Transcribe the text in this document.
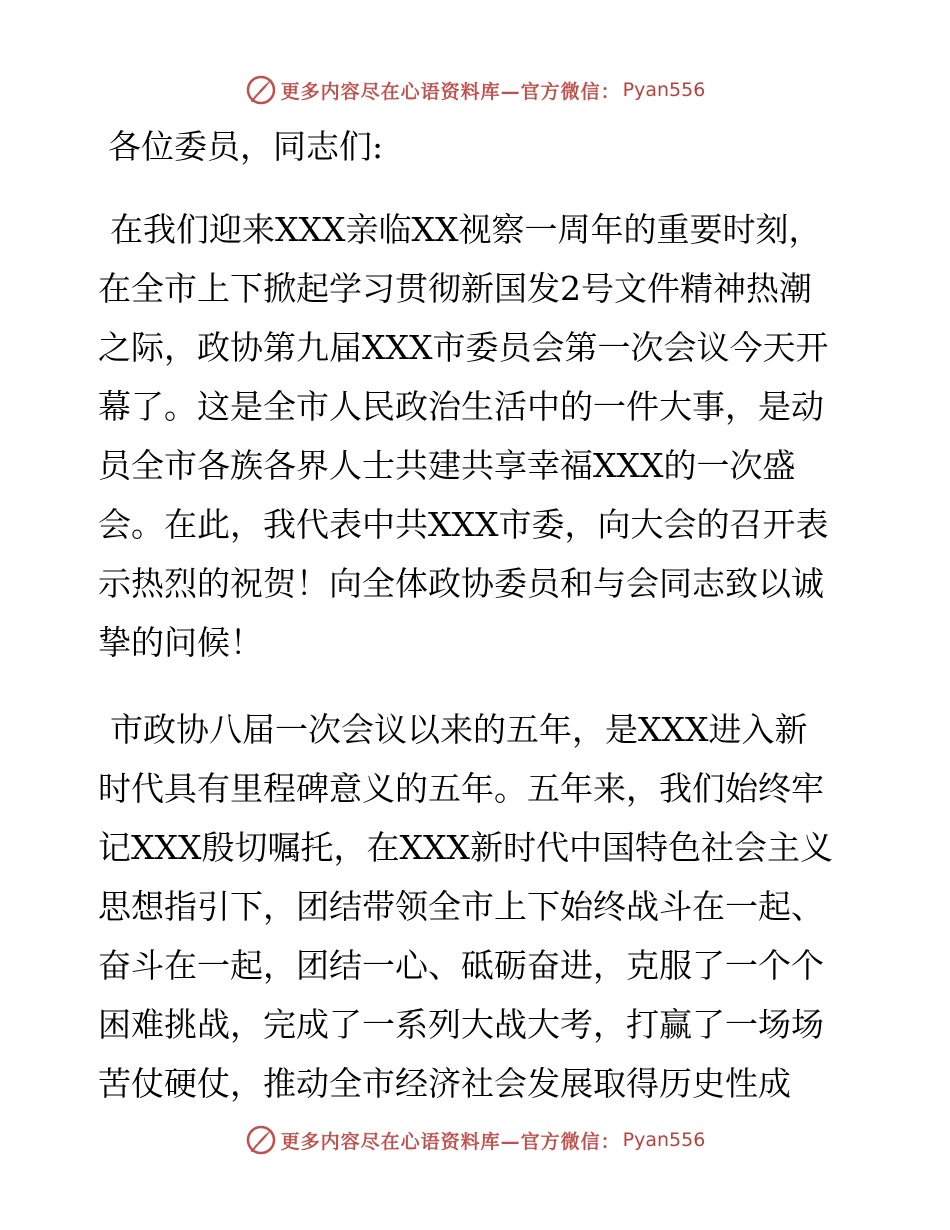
更多内容尽在心语资料库—官方微信： Pyan556
各位委员，同志们:
在我们迎来XXX亲临XX视察一周年的重要时刻，
在全市上下掀起学习贯彻新国发2号文件精神热潮
之际，政协第九届XXX市委员会第一次会议今天开
幕了。这是全市人民政治生活中的一件大事，是动
员全市各族各界人士共建共享幸福XXX的一次盛
会。在此，我代表中共XXX市委，向大会的召开表
示热烈的祝贺！向全体政协委员和与会同志致以诚
挚的问候！
市政协八届一次会议以来的五年，是XXX进入新
时代具有里程碑意义的五年。五年来，我们始终牢
记XXX殷切嘱托，在XXX新时代中国特色社会主义
思想指引下，团结带领全市上下始终战斗在一起、
奋斗在一起，团结一心、砥砺奋进，克服了一个个
困难挑战，完成了一系列大战大考，打赢了一场场
苦仗硬仗，推动全市经济社会发展取得历史性成
更多内容尽在心语资料库—官方微信： Pyan556
